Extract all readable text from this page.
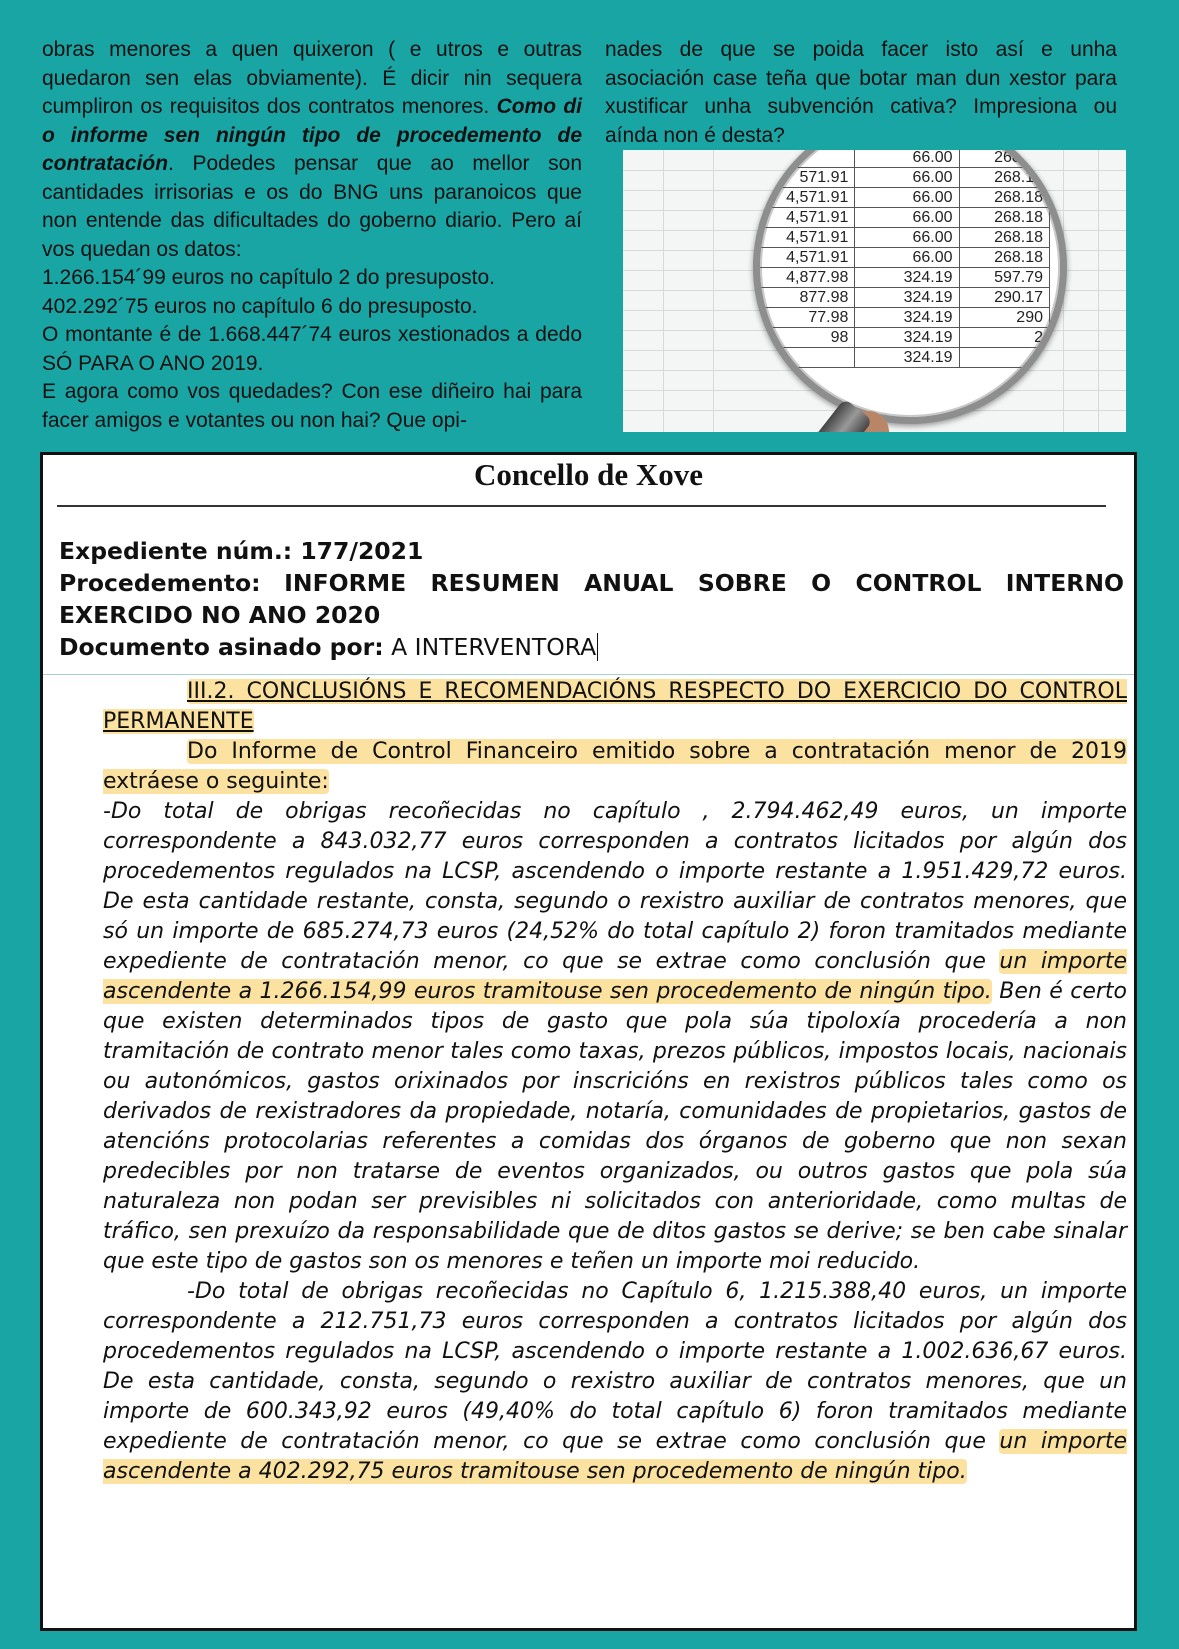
obras menores a quen quixeron ( e utros e outras quedaron sen elas obviamente). É dicir nin sequera cumpliron os requisitos dos contratos menores. Como di o informe sen ningún tipo de procedemento de contratación. Podedes pensar que ao mellor son cantidades irrisorias e os do BNG uns paranoicos que non entende das dificultades do goberno diario. Pero aí vos quedan os datos:

1.266.154´99 euros no capítulo 2 do presuposto.

402.292´75 euros no capítulo 6 do presuposto.

O montante é de 1.668.447´74 euros xestionados a dedo SÓ PARA O ANO 2019.

E agora como vos quedades? Con ese diñeiro hai para facer amigos e votantes ou non hai? Que opi-

nades de que se poida facer isto así e unha asociación case teña que botar man dun xestor para xustificar unha subvención cativa? Impresiona ou aínda non é desta?

	66.00	268.18
571.91	66.00	268.18
4,571.91	66.00	268.18
4,571.91	66.00	268.18
4,571.91	66.00	268.18
4,571.91	66.00	268.18
4,877.98	324.19	597.79
877.98	324.19	290.17
77.98	324.19	290
98	324.19	2
	324.19	
Concello de Xove
Expediente núm.: 177/2021
Procedemento: INFORME RESUMEN ANUAL SOBRE O CONTROL INTERNO EXERCIDO NO ANO 2020
Documento asinado por: A INTERVENTORA

III.2. CONCLUSIÓNS E RECOMENDACIÓNS RESPECTO DO EXERCICIO DO CONTROL PERMANENTE

Do Informe de Control Financeiro emitido sobre a contratación menor de 2019 extráese o seguinte:

-Do total de obrigas recoñecidas no capítulo , 2.794.462,49 euros, un importe correspondente a 843.032,77 euros corresponden a contratos licitados por algún dos procedementos regulados na LCSP, ascendendo o importe restante a 1.951.429,72 euros. De esta cantidade restante, consta, segundo o rexistro auxiliar de contratos menores, que só un importe de 685.274,73 euros (24,52% do total capítulo 2) foron tramitados mediante expediente de contratación menor, co que se extrae como conclusión que un importe ascendente a 1.266.154,99 euros tramitouse sen procedemento de ningún tipo. Ben é certo que existen determinados tipos de gasto que pola súa tipoloxía procedería a non tramitación de contrato menor tales como taxas, prezos públicos, impostos locais, nacionais ou autonómicos, gastos orixinados por inscricións en rexistros públicos tales como os derivados de rexistradores da propiedade, notaría, comunidades de propietarios, gastos de atencións protocolarias referentes a comidas dos órganos de goberno que non sexan predecibles por non tratarse de eventos organizados, ou outros gastos que pola súa naturaleza non podan ser previsibles ni solicitados con anterioridade, como multas de tráfico, sen prexuízo da responsabilidade que de ditos gastos se derive; se ben cabe sinalar que este tipo de gastos son os menores e teñen un importe moi reducido.

-Do total de obrigas recoñecidas no Capítulo 6, 1.215.388,40 euros, un importe correspondente a 212.751,73 euros corresponden a contratos licitados por algún dos procedementos regulados na LCSP, ascendendo o importe restante a 1.002.636,67 euros. De esta cantidade, consta, segundo o rexistro auxiliar de contratos menores, que un importe de 600.343,92 euros (49,40% do total capítulo 6) foron tramitados mediante expediente de contratación menor, co que se extrae como conclusión que un importe ascendente a 402.292,75 euros tramitouse sen procedemento de ningún tipo.
